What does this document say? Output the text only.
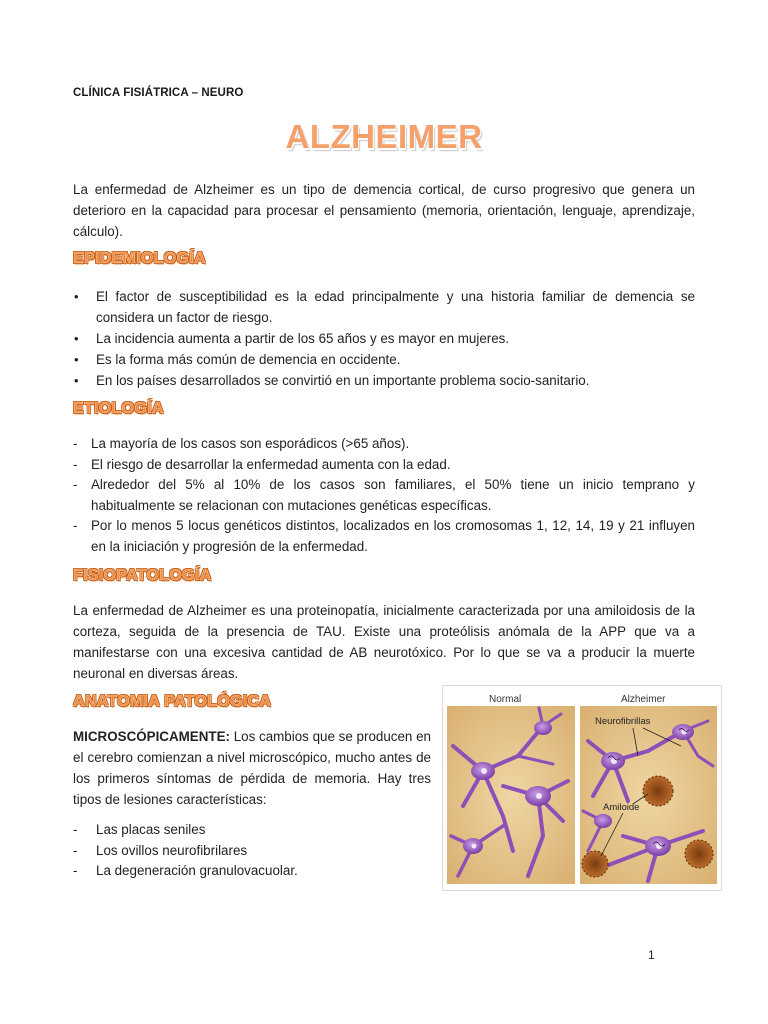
CLÍNICA FISIÁTRICA – NEURO
ALZHEIMER
La enfermedad de Alzheimer es un tipo de demencia cortical, de curso progresivo que genera un deterioro en la capacidad para procesar el pensamiento (memoria, orientación, lenguaje, aprendizaje, cálculo).
EPIDEMIOLOGÍA
• El factor de susceptibilidad es la edad principalmente y una historia familiar de demencia se considera un factor de riesgo.
• La incidencia aumenta a partir de los 65 años y es mayor en mujeres.
• Es la forma más común de demencia en occidente.
• En los países desarrollados se convirtió en un importante problema socio-sanitario.
ETIOLOGÍA
- La mayoría de los casos son esporádicos (>65 años).
- El riesgo de desarrollar la enfermedad aumenta con la edad.
- Alrededor del 5% al 10% de los casos son familiares, el 50% tiene un inicio temprano y habitualmente se relacionan con mutaciones genéticas específicas.
- Por lo menos 5 locus genéticos distintos, localizados en los cromosomas 1, 12, 14, 19 y 21 influyen en la iniciación y progresión de la enfermedad.
FISIOPATOLOGÍA
La enfermedad de Alzheimer es una proteinopatía, inicialmente caracterizada por una amiloidosis de la corteza, seguida de la presencia de TAU. Existe una proteólisis anómala de la APP que va a manifestarse con una excesiva cantidad de AB neurotóxico. Por lo que se va a producir la muerte neuronal en diversas áreas.
ANATOMIA PATOLÓGICA
MICROSCÓPICAMENTE: Los cambios que se producen en el cerebro comienzan a nivel microscópico, mucho antes de los primeros síntomas de pérdida de memoria. Hay tres tipos de lesiones características:
- Las placas seniles
- Los ovillos neurofibrilares
- La degeneración granulovacuolar.
Normal	Alzheimer
Neurofibrillas
Amiloide
1
